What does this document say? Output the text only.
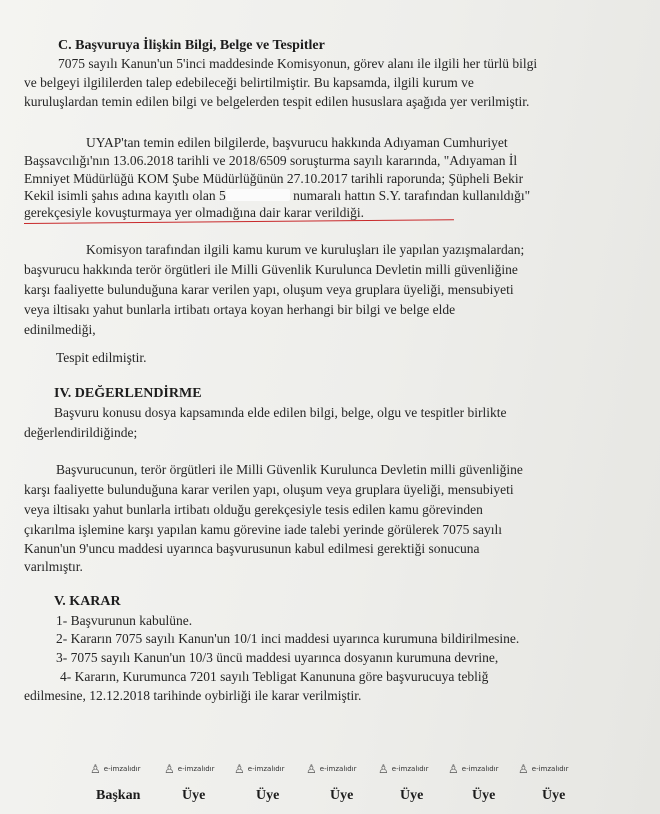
C. Başvuruya İlişkin Bilgi, Belge ve Tespitler
7075 sayılı Kanun'un 5'inci maddesinde Komisyonun, görev alanı ile ilgili her türlü bilgi
ve belgeyi ilgililerden talep edebileceği belirtilmiştir. Bu kapsamda, ilgili kurum ve
kuruluşlardan temin edilen bilgi ve belgelerden tespit edilen hususlara aşağıda yer verilmiştir.
UYAP'tan temin edilen bilgilerde, başvurucu hakkında Adıyaman Cumhuriyet
Başsavcılığı'nın 13.06.2018 tarihli ve 2018/6509 soruşturma sayılı kararında, "Adıyaman İl
Emniyet Müdürlüğü KOM Şube Müdürlüğünün 27.10.2017 tarihli raporunda; Şüpheli Bekir
Kekil isimli şahıs adına kayıtlı olan 5	numaralı hattın S.Y. tarafından kullanıldığı"
gerekçesiyle kovuşturmaya yer olmadığına dair karar verildiği.
Komisyon tarafından ilgili kamu kurum ve kuruluşları ile yapılan yazışmalardan;
başvurucu hakkında terör örgütleri ile Milli Güvenlik Kurulunca Devletin milli güvenliğine
karşı faaliyette bulunduğuna karar verilen yapı, oluşum veya gruplara üyeliği, mensubiyeti
veya iltisakı yahut bunlarla irtibatı ortaya koyan herhangi bir bilgi ve belge elde
edinilmediği,
Tespit edilmiştir.
IV. DEĞERLENDİRME
Başvuru konusu dosya kapsamında elde edilen bilgi, belge, olgu ve tespitler birlikte
değerlendirildiğinde;
Başvurucunun, terör örgütleri ile Milli Güvenlik Kurulunca Devletin milli güvenliğine
karşı faaliyette bulunduğuna karar verilen yapı, oluşum veya gruplara üyeliği, mensubiyeti
veya iltisakı yahut bunlarla irtibatı olduğu gerekçesiyle tesis edilen kamu görevinden
çıkarılma işlemine karşı yapılan kamu görevine iade talebi yerinde görülerek 7075 sayılı
Kanun'un 9'uncu maddesi uyarınca başvurusunun kabul edilmesi gerektiği sonucuna
varılmıştır.
V. KARAR
1- Başvurunun kabulüne.
2- Kararın 7075 sayılı Kanun'un 10/1 inci maddesi uyarınca kurumuna bildirilmesine.
3- 7075 sayılı Kanun'un 10/3 üncü maddesi uyarınca dosyanın kurumuna devrine,
4- Kararın, Kurumunca 7201 sayılı Tebligat Kanununa göre başvurucuya tebliğ
edilmesine, 12.12.2018 tarihinde oybirliği ile karar verilmiştir.
♙ e-imzalıdır ♙ e-imzalıdır ♙ e-imzalıdır ♙ e-imzalıdır ♙ e-imzalıdır ♙ e-imzalıdır ♙ e-imzalıdır
Başkan	Üye	Üye	Üye	Üye	Üye	Üye
